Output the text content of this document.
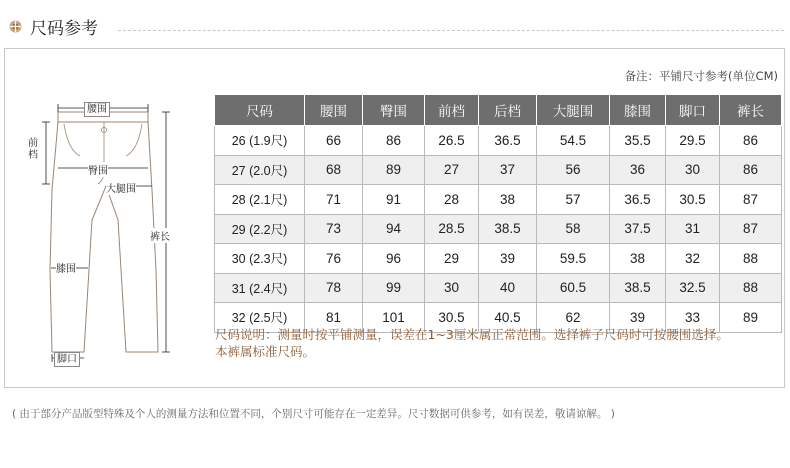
尺码参考
备注：平铺尺寸参考(单位CM)
腰围
前
档
臀围
大腿围
裤长
膝围
脚口
尺码	腰围	臀围	前档	后档	大腿围	膝围	脚口	裤长
26 (1.9尺)	66	86	26.5	36.5	54.5	35.5	29.5	86
27 (2.0尺)	68	89	27	37	56	36	30	86
28 (2.1尺)	71	91	28	38	57	36.5	30.5	87
29 (2.2尺)	73	94	28.5	38.5	58	37.5	31	87
30 (2.3尺)	76	96	29	39	59.5	38	32	88
31 (2.4尺)	78	99	30	40	60.5	38.5	32.5	88
32 (2.5尺)	81	101	30.5	40.5	62	39	33	89
尺码说明：测量时按平铺测量，误差在1~3厘米属正常范围。选择裤子尺码时可按腰围选择。
本裤属标准尺码。
( 由于部分产品版型特殊及个人的测量方法和位置不同，个别尺寸可能存在一定差异。尺寸数据可供参考，如有误差，敬请谅解。 )
